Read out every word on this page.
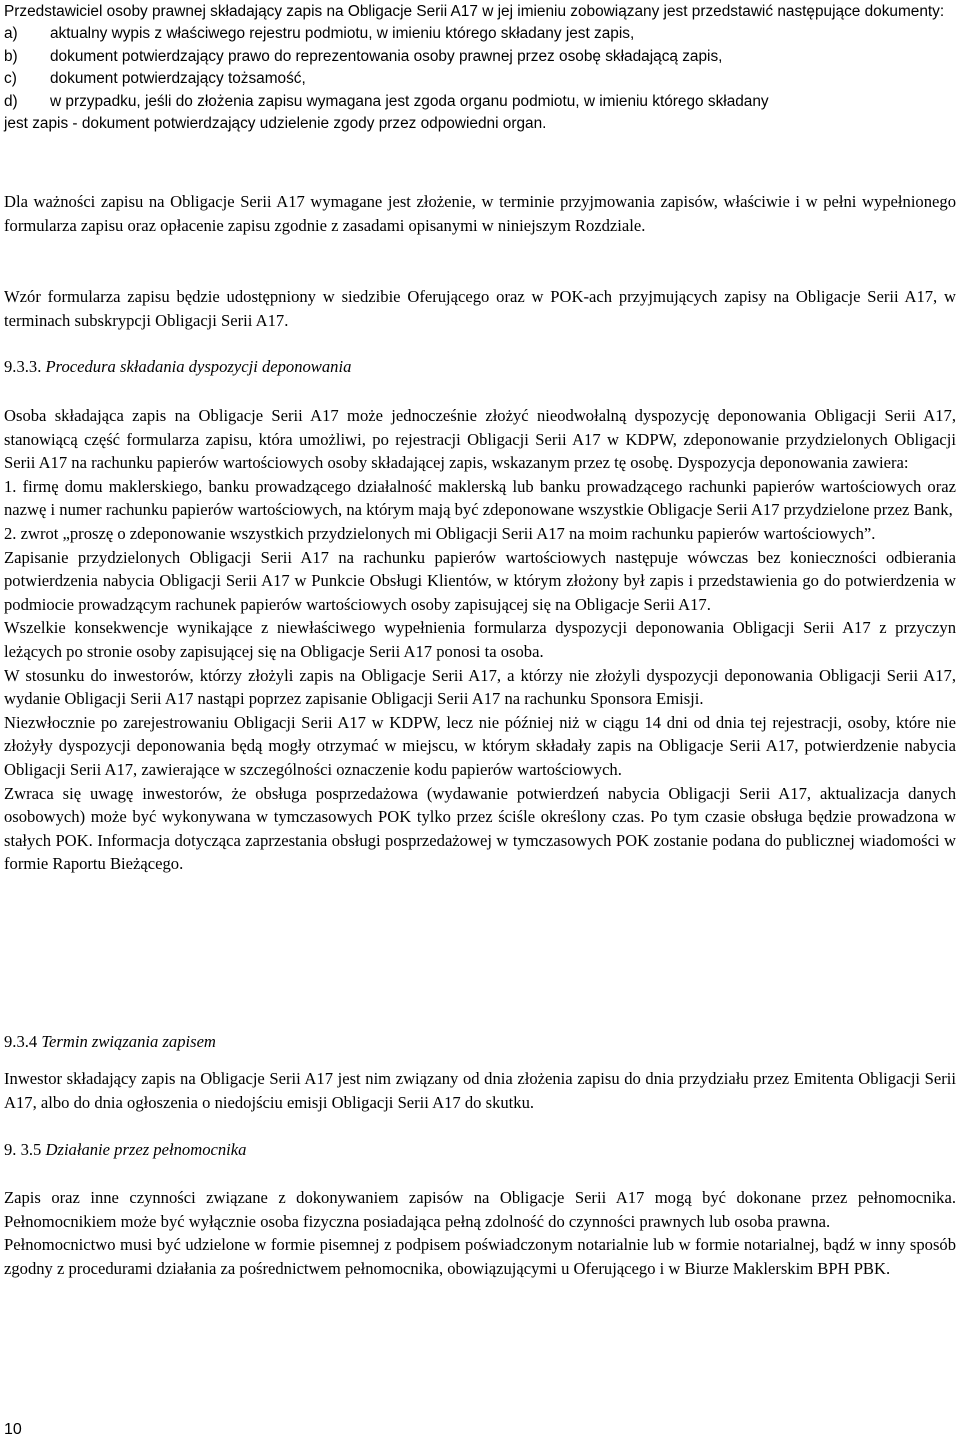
Przedstawiciel osoby prawnej składający zapis na Obligacje Serii A17 w jej imieniu zobowiązany jest przedstawić następujące dokumenty:

a)	aktualny wypis z właściwego rejestru podmiotu, w imieniu którego składany jest zapis,
b)	dokument potwierdzający prawo do reprezentowania osoby prawnej przez osobę składającą zapis,
c)	dokument potwierdzający tożsamość,
d)	w przypadku, jeśli do złożenia zapisu wymagana jest zgoda organu podmiotu, w imieniu którego składany

jest zapis - dokument potwierdzający udzielenie zgody przez odpowiedni organ.

Dla ważności zapisu na Obligacje Serii A17 wymagane jest złożenie, w terminie przyjmowania zapisów, właściwie i w pełni wypełnionego formularza zapisu oraz opłacenie zapisu zgodnie z zasadami opisanymi w niniejszym Rozdziale.

Wzór formularza zapisu będzie udostępniony w siedzibie Oferującego oraz w POK-ach przyjmujących zapisy na Obligacje Serii A17, w terminach subskrypcji Obligacji Serii A17.

9.3.3. Procedura składania dyspozycji deponowania

Osoba składająca zapis na Obligacje Serii A17 może jednocześnie złożyć nieodwołalną dyspozycję deponowania Obligacji Serii A17, stanowiącą część formularza zapisu, która umożliwi, po rejestracji Obligacji Serii A17 w KDPW, zdeponowanie przydzielonych Obligacji Serii A17 na rachunku papierów wartościowych osoby składającej zapis, wskazanym przez tę osobę. Dyspozycja deponowania zawiera:

1. firmę domu maklerskiego, banku prowadzącego działalność maklerską lub banku prowadzącego rachunki papierów wartościowych oraz nazwę i numer rachunku papierów wartościowych, na którym mają być zdeponowane wszystkie Obligacje Serii A17 przydzielone przez Bank,

2. zwrot „proszę o zdeponowanie wszystkich przydzielonych mi Obligacji Serii A17 na moim rachunku papierów wartościowych”.

Zapisanie przydzielonych Obligacji Serii A17 na rachunku papierów wartościowych następuje wówczas bez konieczności odbierania potwierdzenia nabycia Obligacji Serii A17 w Punkcie Obsługi Klientów, w którym złożony był zapis i przedstawienia go do potwierdzenia w podmiocie prowadzącym rachunek papierów wartościowych osoby zapisującej się na Obligacje Serii A17.

Wszelkie konsekwencje wynikające z niewłaściwego wypełnienia formularza dyspozycji deponowania Obligacji Serii A17 z przyczyn leżących po stronie osoby zapisującej się na Obligacje Serii A17 ponosi ta osoba.

W stosunku do inwestorów, którzy złożyli zapis na Obligacje Serii A17, a którzy nie złożyli dyspozycji deponowania Obligacji Serii A17, wydanie Obligacji Serii A17 nastąpi poprzez zapisanie Obligacji Serii A17 na rachunku Sponsora Emisji.

Niezwłocznie po zarejestrowaniu Obligacji Serii A17 w KDPW, lecz nie później niż w ciągu 14 dni od dnia tej rejestracji, osoby, które nie złożyły dyspozycji deponowania będą mogły otrzymać w miejscu, w którym składały zapis na Obligacje Serii A17, potwierdzenie nabycia Obligacji Serii A17, zawierające w szczególności oznaczenie kodu papierów wartościowych.

Zwraca się uwagę inwestorów, że obsługa posprzedażowa (wydawanie potwierdzeń nabycia Obligacji Serii A17, aktualizacja danych osobowych) może być wykonywana w tymczasowych POK tylko przez ściśle określony czas. Po tym czasie obsługa będzie prowadzona w stałych POK. Informacja dotycząca zaprzestania obsługi posprzedażowej w tymczasowych POK zostanie podana do publicznej wiadomości w formie Raportu Bieżącego.

9.3.4 Termin związania zapisem

Inwestor składający zapis na Obligacje Serii A17 jest nim związany od dnia złożenia zapisu do dnia przydziału przez Emitenta Obligacji Serii A17, albo do dnia ogłoszenia o niedojściu emisji Obligacji Serii A17 do skutku.

9. 3.5 Działanie przez pełnomocnika

Zapis oraz inne czynności związane z dokonywaniem zapisów na Obligacje Serii A17 mogą być dokonane przez pełnomocnika. Pełnomocnikiem może być wyłącznie osoba fizyczna posiadająca pełną zdolność do czynności prawnych lub osoba prawna.

Pełnomocnictwo musi być udzielone w formie pisemnej z podpisem poświadczonym notarialnie lub w formie notarialnej, bądź w inny sposób zgodny z procedurami działania za pośrednictwem pełnomocnika, obowiązującymi u Oferującego i w Biurze Maklerskim BPH PBK.

10
